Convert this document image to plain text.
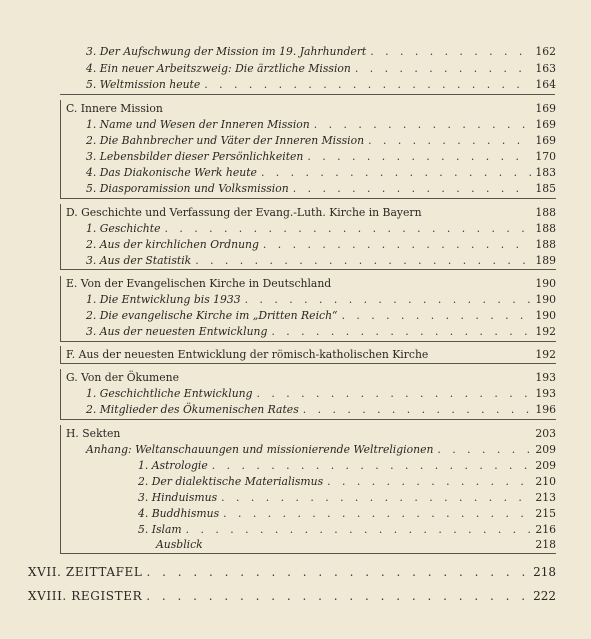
3. Der Aufschwung der Mission im 19. Jahrhundert . . .	162
4. Ein neuer Arbeitszweig: Die ärztliche Mission . . .	163
5. Weltmission heute . . .	164
C. Innere Mission	169
1. Name und Wesen der Inneren Mission . . .	169
2. Die Bahnbrecher und Väter der Inneren Mission . . .	169
3. Lebensbilder dieser Persönlichkeiten . . .	170
4. Das Diakonische Werk heute . . .	183
5. Diasporamission und Volksmission . . .	185
D. Geschichte und Verfassung der Evang.-Luth. Kirche in Bayern	188
1. Geschichte . . .	188
2. Aus der kirchlichen Ordnung . . .	188
3. Aus der Statistik . . .	189
E. Von der Evangelischen Kirche in Deutschland	190
1. Die Entwicklung bis 1933 . . .	190
2. Die evangelische Kirche im „Dritten Reich“ . . .	190
3. Aus der neuesten Entwicklung . . .	192
F. Aus der neuesten Entwicklung der römisch-katholischen Kirche	192
G. Von der Ökumene	193
1. Geschichtliche Entwicklung . . .	193
2. Mitglieder des Ökumenischen Rates . . .	196
H. Sekten	203
Anhang: Weltanschauungen und missionierende Weltreligionen . . .	209
1. Astrologie . . .	209
2. Der dialektische Materialismus . . .	210
3. Hinduismus . . .	213
4. Buddhismus . . .	215
5. Islam . . .	216
Ausblick	218
XVII. ZEITTAFEL . . .	218
XVIII. REGISTER . . .	222
